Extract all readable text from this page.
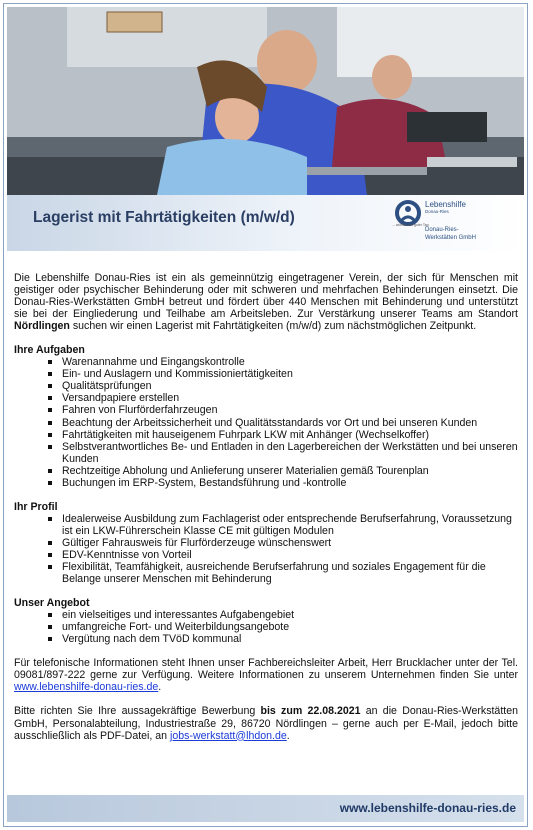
Lagerist mit Fahrtätigkeiten (m/w/d)
Lebenshilfe
Donau-Ries
... würden ein guter Tag
Donau-Ries-
Werkstätten GmbH

Die Lebenshilfe Donau-Ries ist ein als gemeinnützig eingetragener Verein, der sich für Menschen mit geistiger oder psychischer Behinderung oder mit schweren und mehrfachen Behinderungen einsetzt. Die Donau-Ries-Werkstätten GmbH betreut und fördert über 440 Menschen mit Behinderung und unterstützt sie bei der Eingliederung und Teilhabe am Arbeitsleben. Zur Verstärkung unserer Teams am Standort Nördlingen suchen wir einen Lagerist mit Fahrtätigkeiten (m/w/d) zum nächstmöglichen Zeitpunkt.

Ihre Aufgaben
Warenannahme und Eingangskontrolle
Ein- und Auslagern und Kommissioniertätigkeiten
Qualitätsprüfungen
Versandpapiere erstellen
Fahren von Flurförderfahrzeugen
Beachtung der Arbeitssicherheit und Qualitätsstandards vor Ort und bei unseren Kunden
Fahrtätigkeiten mit hauseigenem Fuhrpark LKW mit Anhänger (Wechselkoffer)
Selbstverantwortliches Be- und Entladen in den Lagerbereichen der Werkstätten und bei unseren Kunden
Rechtzeitige Abholung und Anlieferung unserer Materialien gemäß Tourenplan
Buchungen im ERP-System, Bestandsführung und -kontrolle
Ihr Profil
Idealerweise Ausbildung zum Fachlagerist oder entsprechende Berufserfahrung, Voraussetzung ist ein LKW-Führerschein Klasse CE mit gültigen Modulen
Gültiger Fahrausweis für Flurförderzeuge wünschenswert
EDV-Kenntnisse von Vorteil
Flexibilität, Teamfähigkeit, ausreichende Berufserfahrung und soziales Engagement für die Belange unserer Menschen mit Behinderung
Unser Angebot
ein vielseitiges und interessantes Aufgabengebiet
umfangreiche Fort- und Weiterbildungsangebote
Vergütung nach dem TVöD kommunal

Für telefonische Informationen steht Ihnen unser Fachbereichsleiter Arbeit, Herr Brucklacher unter der Tel. 09081/897-222 gerne zur Verfügung. Weitere Informationen zu unserem Unternehmen finden Sie unter www.lebenshilfe-donau-ries.de.

Bitte richten Sie Ihre aussagekräftige Bewerbung bis zum 22.08.2021 an die Donau-Ries-Werkstätten GmbH, Personalabteilung, Industriestraße 29, 86720 Nördlingen – gerne auch per E-Mail, jedoch bitte ausschließlich als PDF-Datei, an jobs-werkstatt@lhdon.de.

www.lebenshilfe-donau-ries.de
